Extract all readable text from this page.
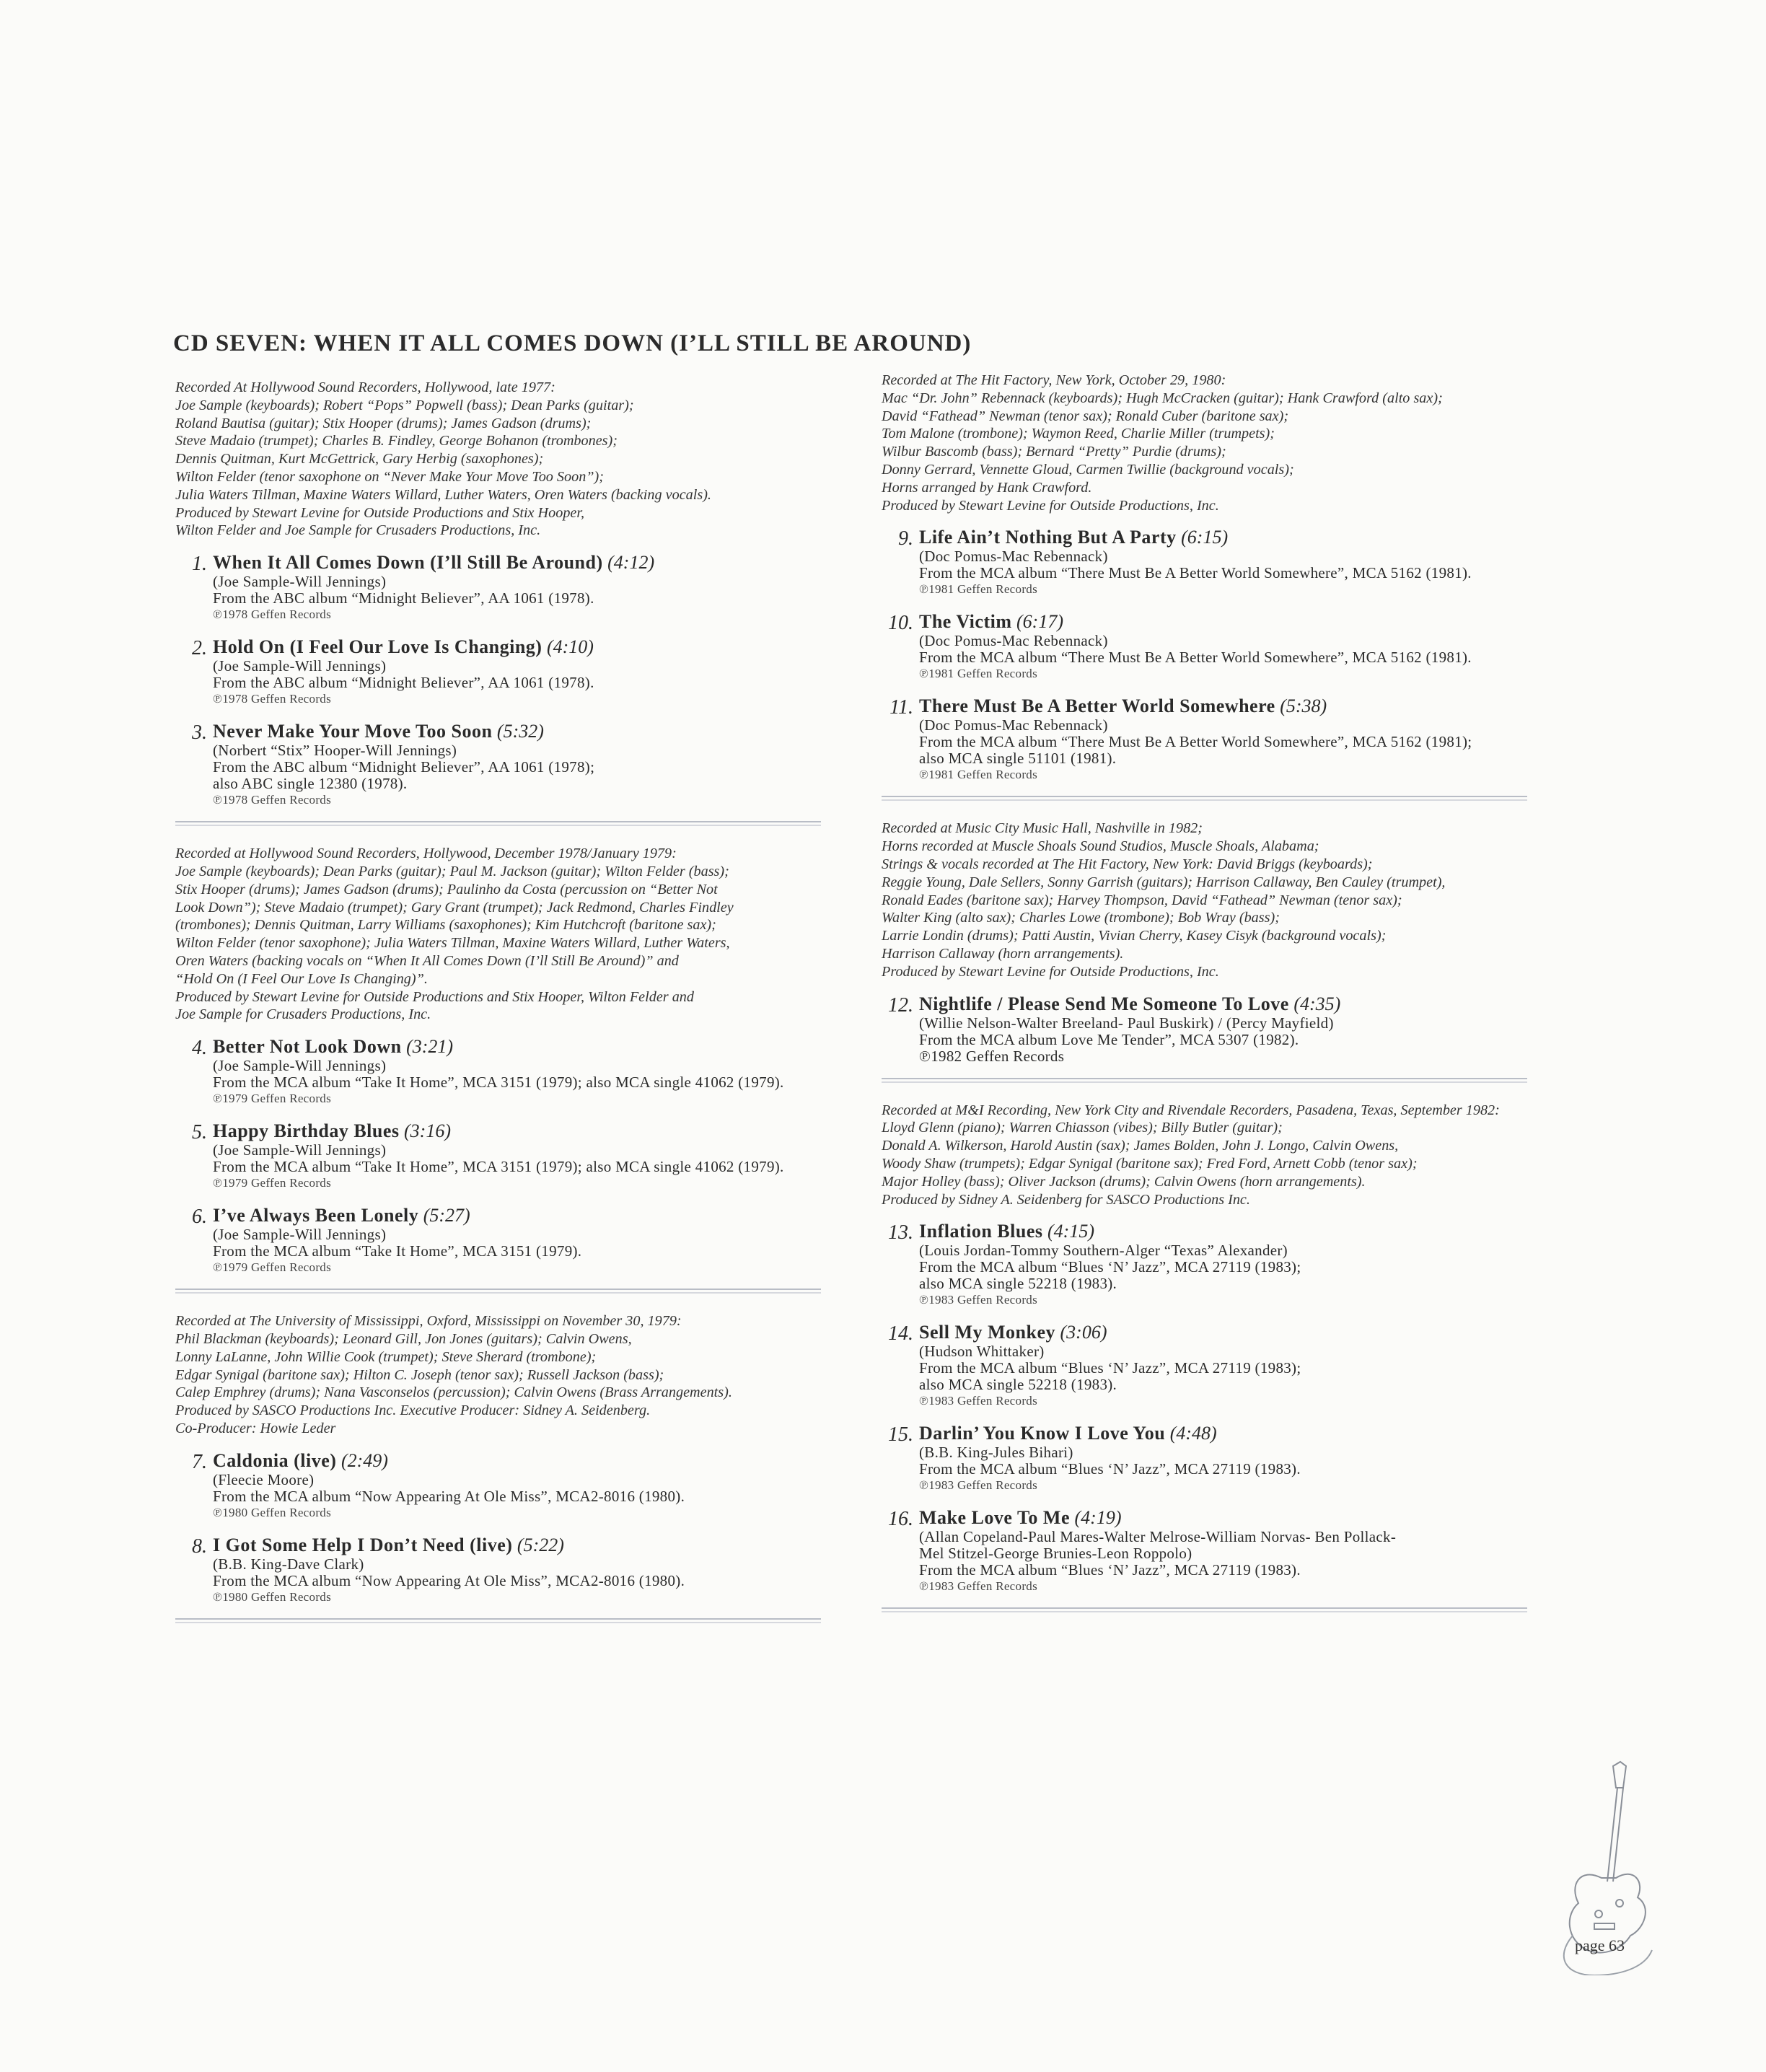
CD SEVEN: WHEN IT ALL COMES DOWN (I’LL STILL BE AROUND)

Recorded At Hollywood Sound Recorders, Hollywood, late 1977:
Joe Sample (keyboards); Robert “Pops” Popwell (bass); Dean Parks (guitar);
Roland Bautisa (guitar); Stix Hooper (drums); James Gadson (drums);
Steve Madaio (trumpet); Charles B. Findley, George Bohanon (trombones);
Dennis Quitman, Kurt McGettrick, Gary Herbig (saxophones);
Wilton Felder (tenor saxophone on “Never Make Your Move Too Soon”);
Julia Waters Tillman, Maxine Waters Willard, Luther Waters, Oren Waters (backing vocals).
Produced by Stewart Levine for Outside Productions and Stix Hooper,
Wilton Felder and Joe Sample for Crusaders Productions, Inc.

1. When It All Comes Down (I’ll Still Be Around) (4:12)
(Joe Sample-Will Jennings)
From the ABC album “Midnight Believer”, AA 1061 (1978).
℗1978 Geffen Records
2. Hold On (I Feel Our Love Is Changing) (4:10)
(Joe Sample-Will Jennings)
From the ABC album “Midnight Believer”, AA 1061 (1978).
℗1978 Geffen Records
3. Never Make Your Move Too Soon (5:32)
(Norbert “Stix” Hooper-Will Jennings)
From the ABC album “Midnight Believer”, AA 1061 (1978);
also ABC single 12380 (1978).
℗1978 Geffen Records

Recorded at Hollywood Sound Recorders, Hollywood, December 1978/January 1979:
Joe Sample (keyboards); Dean Parks (guitar); Paul M. Jackson (guitar); Wilton Felder (bass);
Stix Hooper (drums); James Gadson (drums); Paulinho da Costa (percussion on “Better Not
Look Down”); Steve Madaio (trumpet); Gary Grant (trumpet); Jack Redmond, Charles Findley
(trombones); Dennis Quitman, Larry Williams (saxophones); Kim Hutchcroft (baritone sax);
Wilton Felder (tenor saxophone); Julia Waters Tillman, Maxine Waters Willard, Luther Waters,
Oren Waters (backing vocals on “When It All Comes Down (I’ll Still Be Around)” and
“Hold On (I Feel Our Love Is Changing)”.
Produced by Stewart Levine for Outside Productions and Stix Hooper, Wilton Felder and
Joe Sample for Crusaders Productions, Inc.

4. Better Not Look Down (3:21)
(Joe Sample-Will Jennings)
From the MCA album “Take It Home”, MCA 3151 (1979); also MCA single 41062 (1979).
℗1979 Geffen Records
5. Happy Birthday Blues (3:16)
(Joe Sample-Will Jennings)
From the MCA album “Take It Home”, MCA 3151 (1979); also MCA single 41062 (1979).
℗1979 Geffen Records
6. I’ve Always Been Lonely (5:27)
(Joe Sample-Will Jennings)
From the MCA album “Take It Home”, MCA 3151 (1979).
℗1979 Geffen Records

Recorded at The University of Mississippi, Oxford, Mississippi on November 30, 1979:
Phil Blackman (keyboards); Leonard Gill, Jon Jones (guitars); Calvin Owens,
Lonny LaLanne, John Willie Cook (trumpet); Steve Sherard (trombone);
Edgar Synigal (baritone sax); Hilton C. Joseph (tenor sax); Russell Jackson (bass);
Calep Emphrey (drums); Nana Vasconselos (percussion); Calvin Owens (Brass Arrangements).
Produced by SASCO Productions Inc. Executive Producer: Sidney A. Seidenberg.
Co-Producer: Howie Leder

7. Caldonia (live) (2:49)
(Fleecie Moore)
From the MCA album “Now Appearing At Ole Miss”, MCA2-8016 (1980).
℗1980 Geffen Records
8. I Got Some Help I Don’t Need (live) (5:22)
(B.B. King-Dave Clark)
From the MCA album “Now Appearing At Ole Miss”, MCA2-8016 (1980).
℗1980 Geffen Records

Recorded at The Hit Factory, New York, October 29, 1980:
Mac “Dr. John” Rebennack (keyboards); Hugh McCracken (guitar); Hank Crawford (alto sax);
David “Fathead” Newman (tenor sax); Ronald Cuber (baritone sax);
Tom Malone (trombone); Waymon Reed, Charlie Miller (trumpets);
Wilbur Bascomb (bass); Bernard “Pretty” Purdie (drums);
Donny Gerrard, Vennette Gloud, Carmen Twillie (background vocals);
Horns arranged by Hank Crawford.
Produced by Stewart Levine for Outside Productions, Inc.

9. Life Ain’t Nothing But A Party (6:15)
(Doc Pomus-Mac Rebennack)
From the MCA album “There Must Be A Better World Somewhere”, MCA 5162 (1981).
℗1981 Geffen Records
10. The Victim (6:17)
(Doc Pomus-Mac Rebennack)
From the MCA album “There Must Be A Better World Somewhere”, MCA 5162 (1981).
℗1981 Geffen Records
11. There Must Be A Better World Somewhere (5:38)
(Doc Pomus-Mac Rebennack)
From the MCA album “There Must Be A Better World Somewhere”, MCA 5162 (1981);
also MCA single 51101 (1981).
℗1981 Geffen Records

Recorded at Music City Music Hall, Nashville in 1982;
Horns recorded at Muscle Shoals Sound Studios, Muscle Shoals, Alabama;
Strings & vocals recorded at The Hit Factory, New York: David Briggs (keyboards);
Reggie Young, Dale Sellers, Sonny Garrish (guitars); Harrison Callaway, Ben Cauley (trumpet),
Ronald Eades (baritone sax); Harvey Thompson, David “Fathead” Newman (tenor sax);
Walter King (alto sax); Charles Lowe (trombone); Bob Wray (bass);
Larrie Londin (drums); Patti Austin, Vivian Cherry, Kasey Cisyk (background vocals);
Harrison Callaway (horn arrangements).
Produced by Stewart Levine for Outside Productions, Inc.

12. Nightlife / Please Send Me Someone To Love (4:35)
(Willie Nelson-Walter Breeland- Paul Buskirk) / (Percy Mayfield)
From the MCA album Love Me Tender”, MCA 5307 (1982).
℗1982 Geffen Records

Recorded at M&I Recording, New York City and Rivendale Recorders, Pasadena, Texas, September 1982:
Lloyd Glenn (piano); Warren Chiasson (vibes); Billy Butler (guitar);
Donald A. Wilkerson, Harold Austin (sax); James Bolden, John J. Longo, Calvin Owens,
Woody Shaw (trumpets); Edgar Synigal (baritone sax); Fred Ford, Arnett Cobb (tenor sax);
Major Holley (bass); Oliver Jackson (drums); Calvin Owens (horn arrangements).
Produced by Sidney A. Seidenberg for SASCO Productions Inc.

13. Inflation Blues (4:15)
(Louis Jordan-Tommy Southern-Alger “Texas” Alexander)
From the MCA album “Blues ‘N’ Jazz”, MCA 27119 (1983);
also MCA single 52218 (1983).
℗1983 Geffen Records
14. Sell My Monkey (3:06)
(Hudson Whittaker)
From the MCA album “Blues ‘N’ Jazz”, MCA 27119 (1983);
also MCA single 52218 (1983).
℗1983 Geffen Records
15. Darlin’ You Know I Love You (4:48)
(B.B. King-Jules Bihari)
From the MCA album “Blues ‘N’ Jazz”, MCA 27119 (1983).
℗1983 Geffen Records
16. Make Love To Me (4:19)
(Allan Copeland-Paul Mares-Walter Melrose-William Norvas- Ben Pollack-
Mel Stitzel-George Brunies-Leon Roppolo)
From the MCA album “Blues ‘N’ Jazz”, MCA 27119 (1983).
℗1983 Geffen Records
page 63
